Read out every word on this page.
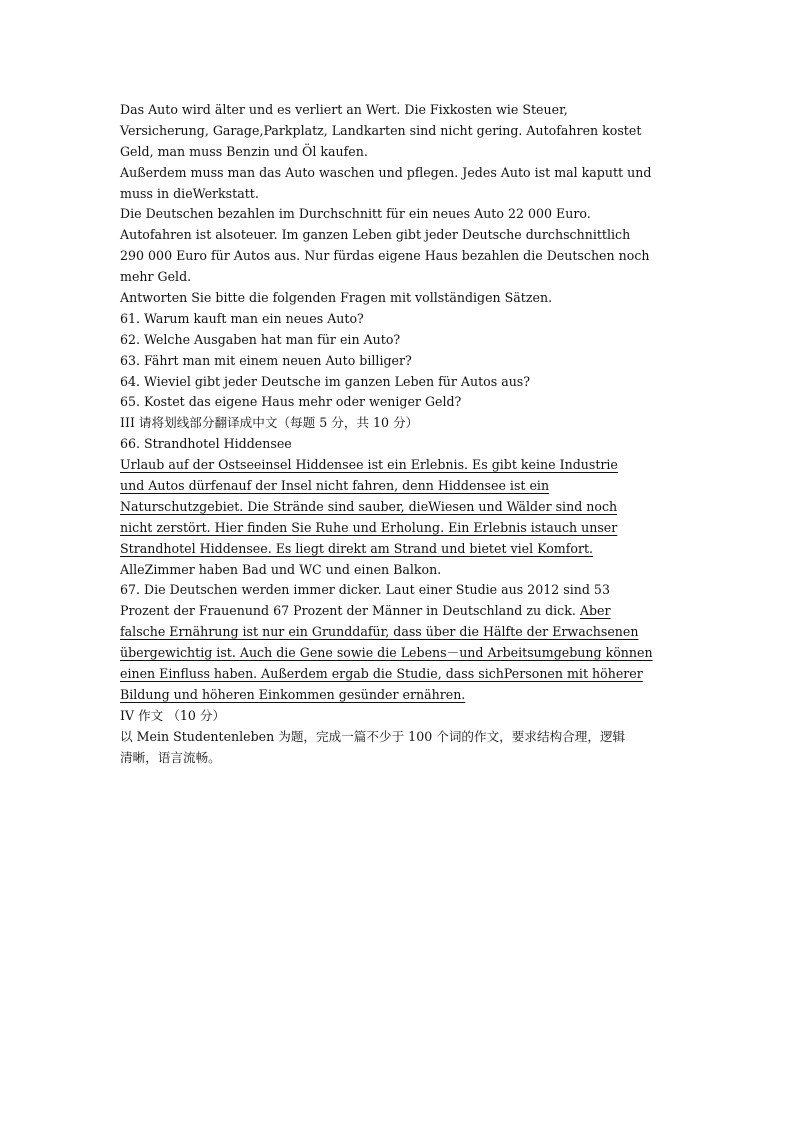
Das Auto wird älter und es verliert an Wert. Die Fixkosten wie Steuer,
Versicherung, Garage,Parkplatz, Landkarten sind nicht gering. Autofahren kostet
Geld, man muss Benzin und Öl kaufen.
Außerdem muss man das Auto waschen und pflegen. Jedes Auto ist mal kaputt und
muss in dieWerkstatt.
Die Deutschen bezahlen im Durchschnitt für ein neues Auto 22 000 Euro.
Autofahren ist alsoteuer. Im ganzen Leben gibt jeder Deutsche durchschnittlich
290 000 Euro für Autos aus. Nur fürdas eigene Haus bezahlen die Deutschen noch
mehr Geld.
Antworten Sie bitte die folgenden Fragen mit vollständigen Sätzen.
61. Warum kauft man ein neues Auto?
62. Welche Ausgaben hat man für ein Auto?
63. Fährt man mit einem neuen Auto billiger?
64. Wieviel gibt jeder Deutsche im ganzen Leben für Autos aus?
65. Kostet das eigene Haus mehr oder weniger Geld?
III 请将划线部分翻译成中文（每题 5 分，共 10 分）
66. Strandhotel Hiddensee
Urlaub auf der Ostseeinsel Hiddensee ist ein Erlebnis. Es gibt keine Industrie
und Autos dürfenauf der Insel nicht fahren, denn Hiddensee ist ein
Naturschutzgebiet. Die Strände sind sauber, dieWiesen und Wälder sind noch
nicht zerstört. Hier finden Sie Ruhe und Erholung. Ein Erlebnis istauch unser
Strandhotel Hiddensee. Es liegt direkt am Strand und bietet viel Komfort.
AlleZimmer haben Bad und WC und einen Balkon.
67. Die Deutschen werden immer dicker. Laut einer Studie aus 2012 sind 53
Prozent der Frauenund 67 Prozent der Männer in Deutschland zu dick. Aber
falsche Ernährung ist nur ein Grunddafür, dass über die Hälfte der Erwachsenen
übergewichtig ist. Auch die Gene sowie die Lebens－und Arbeitsumgebung können
einen Einfluss haben. Außerdem ergab die Studie, dass sichPersonen mit höherer
Bildung und höheren Einkommen gesünder ernähren.
IV 作文 （10 分）
以 Mein Studentenleben 为题，完成一篇不少于 100 个词的作文，要求结构合理，逻辑
清晰，语言流畅。
